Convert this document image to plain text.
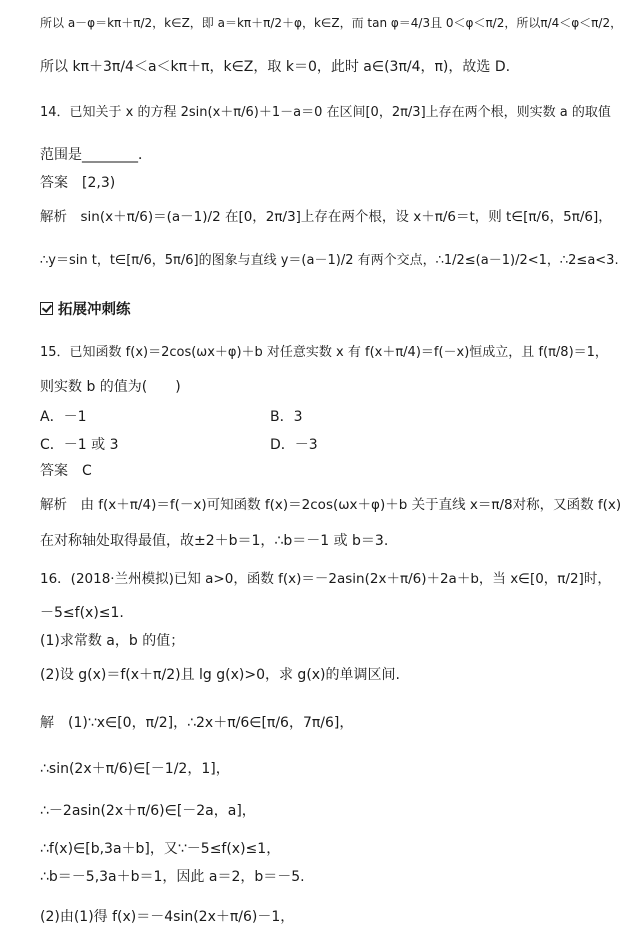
所以 a－φ＝kπ＋π/2，k∈Z，即 a＝kπ＋π/2＋φ，k∈Z，而 tan φ＝4/3且 0＜φ＜π/2，所以π/4＜φ＜π/2，
所以 kπ＋3π/4＜a＜kπ＋π，k∈Z，取 k＝0，此时 a∈(3π/4，π)，故选 D.
14．已知关于 x 的方程 2sin(x＋π/6)＋1－a＝0 在区间[0，2π/3]上存在两个根，则实数 a 的取值
范围是________．
答案　[2,3)
解析　sin(x＋π/6)＝(a－1)/2 在[0，2π/3]上存在两个根，设 x＋π/6＝t，则 t∈[π/6，5π/6]，
∴y＝sin t，t∈[π/6，5π/6]的图象与直线 y＝(a－1)/2 有两个交点，∴1/2≤(a－1)/2<1，∴2≤a<3.
拓展冲刺练
15．已知函数 f(x)＝2cos(ωx＋φ)＋b 对任意实数 x 有 f(x＋π/4)＝f(－x)恒成立，且 f(π/8)＝1，
则实数 b 的值为(　　)
A．－1	B．3
C．－1 或 3	D．－3
答案　C
解析　由 f(x＋π/4)＝f(－x)可知函数 f(x)＝2cos(ωx＋φ)＋b 关于直线 x＝π/8对称，又函数 f(x)
在对称轴处取得最值，故±2＋b＝1，∴b＝－1 或 b＝3.
16．(2018·兰州模拟)已知 a>0，函数 f(x)＝－2asin(2x＋π/6)＋2a＋b，当 x∈[0，π/2]时，
－5≤f(x)≤1.
(1)求常数 a，b 的值；
(2)设 g(x)＝f(x＋π/2)且 lg g(x)>0，求 g(x)的单调区间.
解　(1)∵x∈[0，π/2]，∴2x＋π/6∈[π/6，7π/6]，
∴sin(2x＋π/6)∈[－1/2，1]，
∴－2asin(2x＋π/6)∈[－2a，a]，
∴f(x)∈[b,3a＋b]，又∵－5≤f(x)≤1，
∴b＝－5,3a＋b＝1，因此 a＝2，b＝－5.
(2)由(1)得 f(x)＝－4sin(2x＋π/6)－1，
